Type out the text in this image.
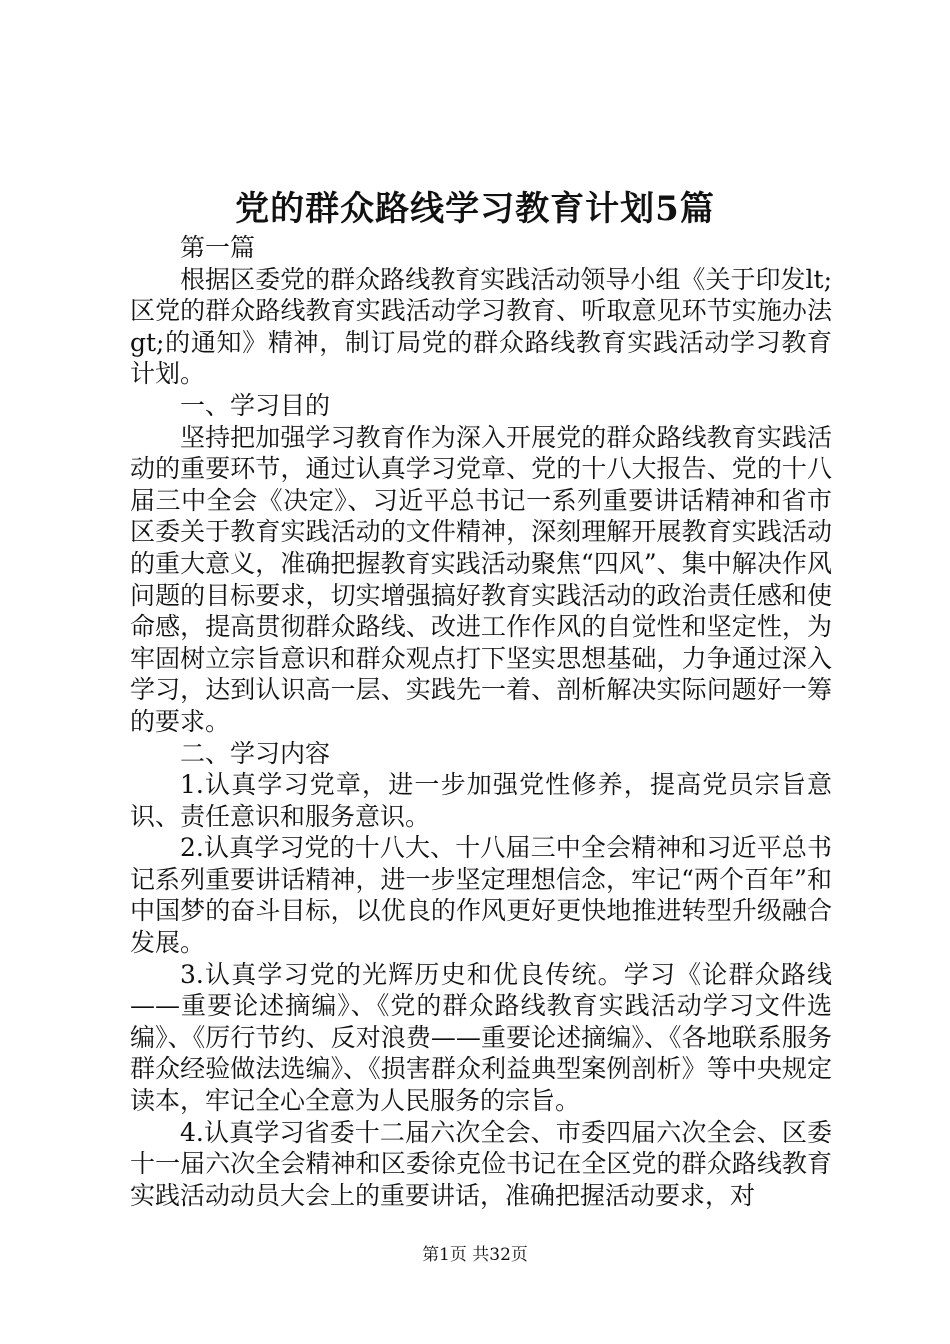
党的群众路线学习教育计划5篇

第一篇

根据区委党的群众路线教育实践活动领导小组《关于印发lt;区党的群众路线教育实践活动学习教育、听取意见环节实施办法gt;的通知》精神，制订局党的群众路线教育实践活动学习教育计划。

一、学习目的

坚持把加强学习教育作为深入开展党的群众路线教育实践活动的重要环节，通过认真学习党章、党的十八大报告、党的十八届三中全会《决定》、习近平总书记一系列重要讲话精神和省市区委关于教育实践活动的文件精神，深刻理解开展教育实践活动的重大意义，准确把握教育实践活动聚焦“四风”、集中解决作风问题的目标要求，切实增强搞好教育实践活动的政治责任感和使命感，提高贯彻群众路线、改进工作作风的自觉性和坚定性，为牢固树立宗旨意识和群众观点打下坚实思想基础，力争通过深入学习，达到认识高一层、实践先一着、剖析解决实际问题好一筹的要求。

二、学习内容

1.认真学习党章，进一步加强党性修养，提高党员宗旨意识、责任意识和服务意识。

2.认真学习党的十八大、十八届三中全会精神和习近平总书记系列重要讲话精神，进一步坚定理想信念，牢记“两个百年”和中国梦的奋斗目标，以优良的作风更好更快地推进转型升级融合发展。

3.认真学习党的光辉历史和优良传统。学习《论群众路线——重要论述摘编》、《党的群众路线教育实践活动学习文件选编》、《厉行节约、反对浪费——重要论述摘编》、《各地联系服务群众经验做法选编》、《损害群众利益典型案例剖析》等中央规定读本，牢记全心全意为人民服务的宗旨。

4.认真学习省委十二届六次全会、市委四届六次全会、区委十一届六次全会精神和区委徐克俭书记在全区党的群众路线教育实践活动动员大会上的重要讲话，准确把握活动要求，对

第1页 共32页
